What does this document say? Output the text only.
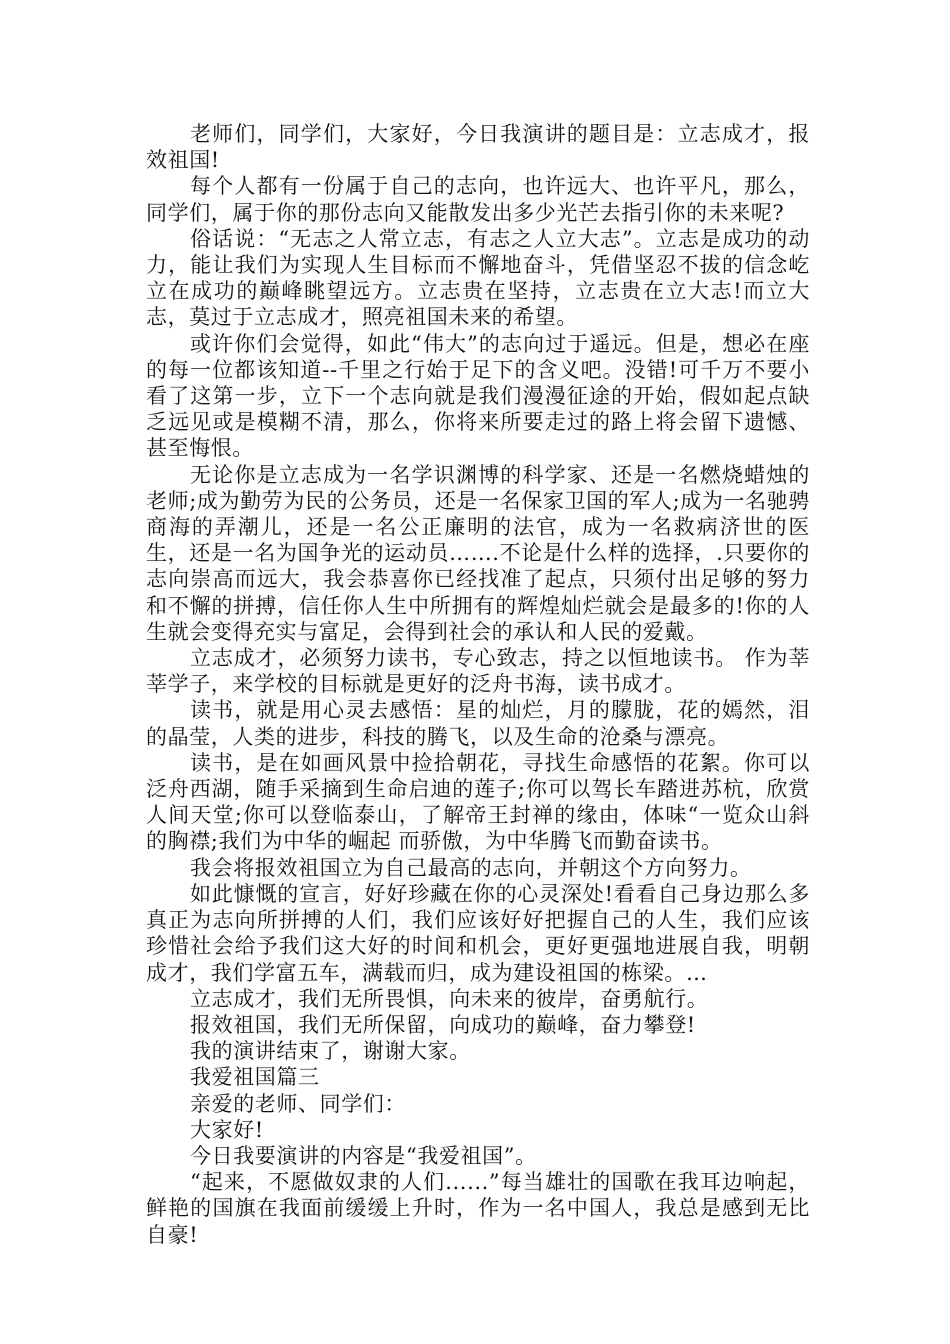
老师们，同学们，大家好，今日我演讲的题目是：立志成才，报效祖国!

每个人都有一份属于自己的志向，也许远大、也许平凡，那么，同学们，属于你的那份志向又能散发出多少光芒去指引你的未来呢?

俗话说：“无志之人常立志，有志之人立大志”。立志是成功的动力，能让我们为实现人生目标而不懈地奋斗，凭借坚忍不拔的信念屹立在成功的巅峰眺望远方。立志贵在坚持，立志贵在立大志!而立大志，莫过于立志成才，照亮祖国未来的希望。

或许你们会觉得，如此“伟大”的志向过于遥远。但是，想必在座的每一位都该知道--千里之行始于足下的含义吧。没错!可千万不要小看了这第一步，立下一个志向就是我们漫漫征途的开始，假如起点缺乏远见或是模糊不清，那么，你将来所要走过的路上将会留下遗憾、甚至悔恨。

无论你是立志成为一名学识渊博的科学家、还是一名燃烧蜡烛的老师;成为勤劳为民的公务员，还是一名保家卫国的军人;成为一名驰骋商海的弄潮儿，还是一名公正廉明的法官，成为一名救病济世的医生，还是一名为国争光的运动员…….不论是什么样的选择，.只要你的志向崇高而远大，我会恭喜你已经找准了起点，只须付出足够的努力和不懈的拼搏，信任你人生中所拥有的辉煌灿烂就会是最多的!你的人生就会变得充实与富足，会得到社会的承认和人民的爱戴。

立志成才，必须努力读书，专心致志，持之以恒地读书。 作为莘莘学子，来学校的目标就是更好的泛舟书海，读书成才。

读书，就是用心灵去感悟：星的灿烂，月的朦胧，花的嫣然，泪的晶莹，人类的进步，科技的腾飞，以及生命的沧桑与漂亮。

读书，是在如画风景中捡拾朝花，寻找生命感悟的花絮。你可以泛舟西湖，随手采摘到生命启迪的莲子;你可以驾长车踏进苏杭，欣赏人间天堂;你可以登临泰山，了解帝王封禅的缘由，体味“一览众山斜的胸襟;我们为中华的崛起 而骄傲，为中华腾飞而勤奋读书。

我会将报效祖国立为自己最高的志向，并朝这个方向努力。

如此慷慨的宣言，好好珍藏在你的心灵深处!看看自己身边那么多真正为志向所拼搏的人们，我们应该好好把握自己的人生，我们应该珍惜社会给予我们这大好的时间和机会，更好更强地进展自我，明朝成才，我们学富五车，满载而归，成为建设祖国的栋梁。…

立志成才，我们无所畏惧，向未来的彼岸，奋勇航行。

报效祖国，我们无所保留，向成功的巅峰，奋力攀登!

我的演讲结束了，谢谢大家。

我爱祖国篇三

亲爱的老师、同学们：

大家好!

今日我要演讲的内容是“我爱祖国”。

“起来，不愿做奴隶的人们......”每当雄壮的国歌在我耳边响起，鲜艳的国旗在我面前缓缓上升时，作为一名中国人，我总是感到无比自豪!
